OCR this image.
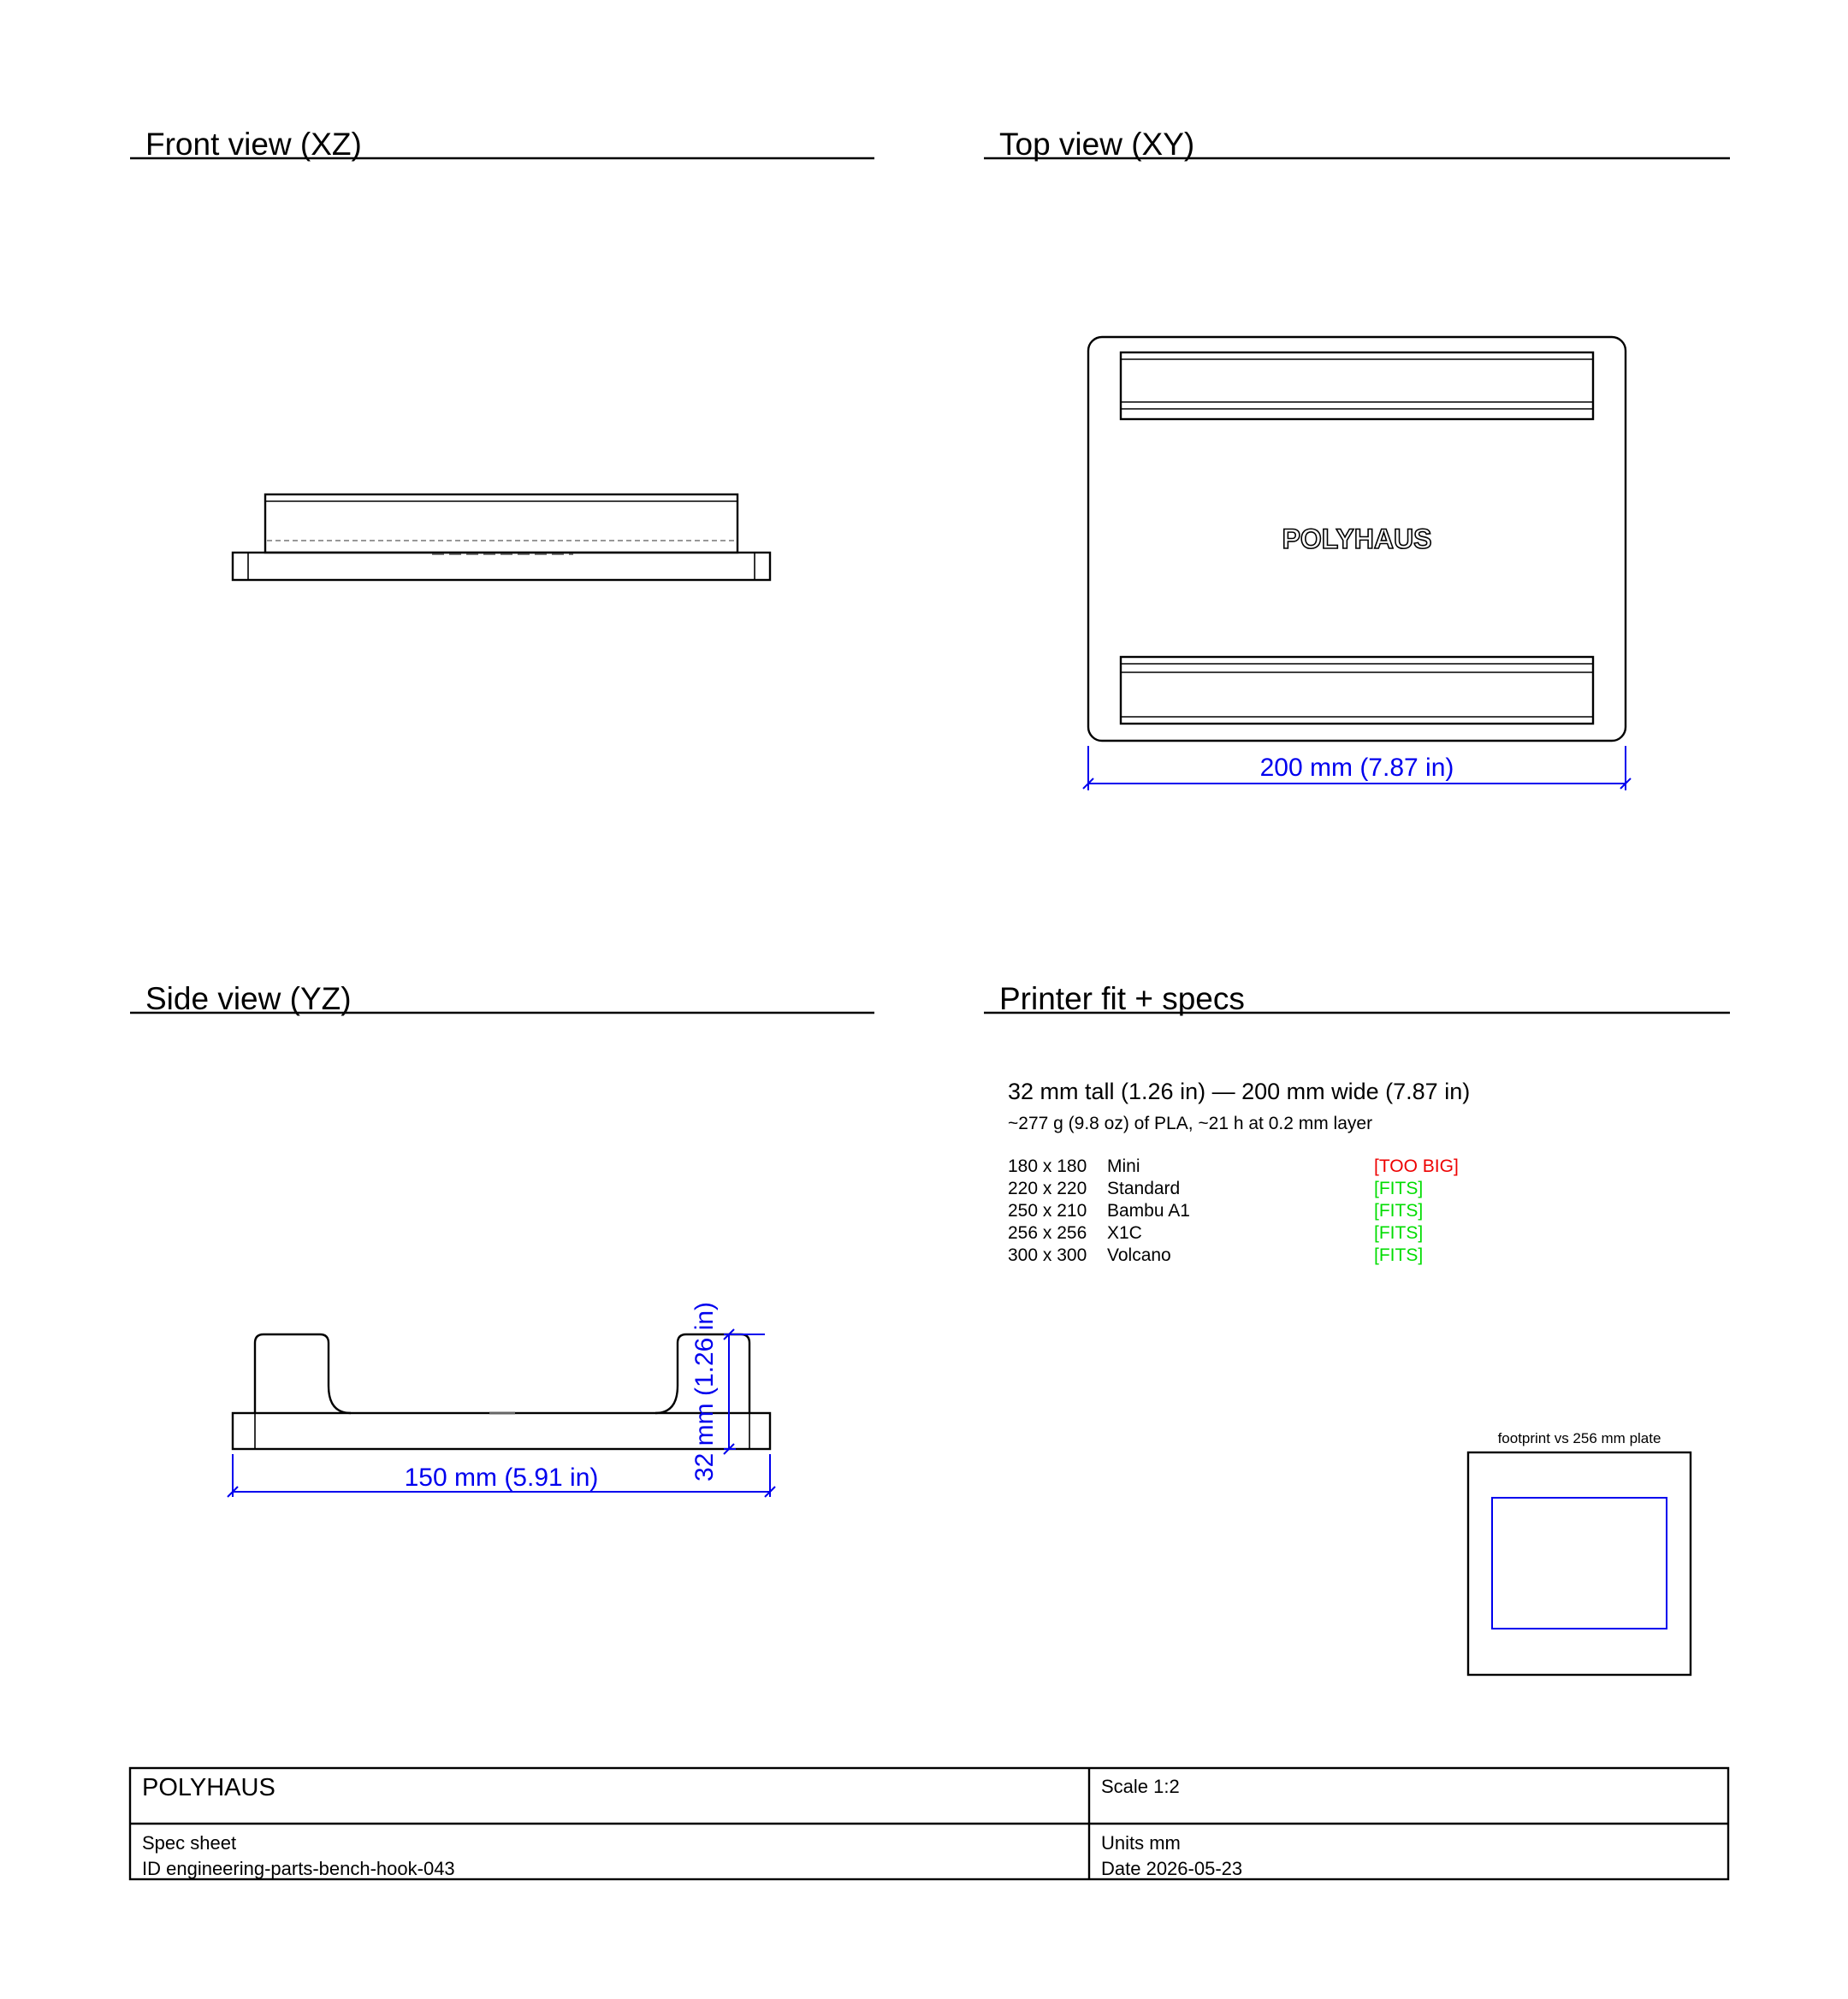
Front view (XZ)	Top view (XY)
POLYHAUS
200 mm (7.87 in)
Side view (YZ)
150 mm (5.91 in)	32 mm (1.26 in)
Printer fit + specs
32 mm tall (1.26 in) — 200 mm wide (7.87 in)
~277 g (9.8 oz) of PLA, ~21 h at 0.2 mm layer
180 x 180 Mini	[TOO BIG]
220 x 220 Standard	[FITS]
250 x 210 Bambu A1	[FITS]
256 x 256 X1C	[FITS]
300 x 300 Volcano	[FITS]
footprint vs 256 mm plate
POLYHAUS	Scale 1:2
Spec sheet
ID engineering-parts-bench-hook-043
Units mm
Date 2026-05-23
